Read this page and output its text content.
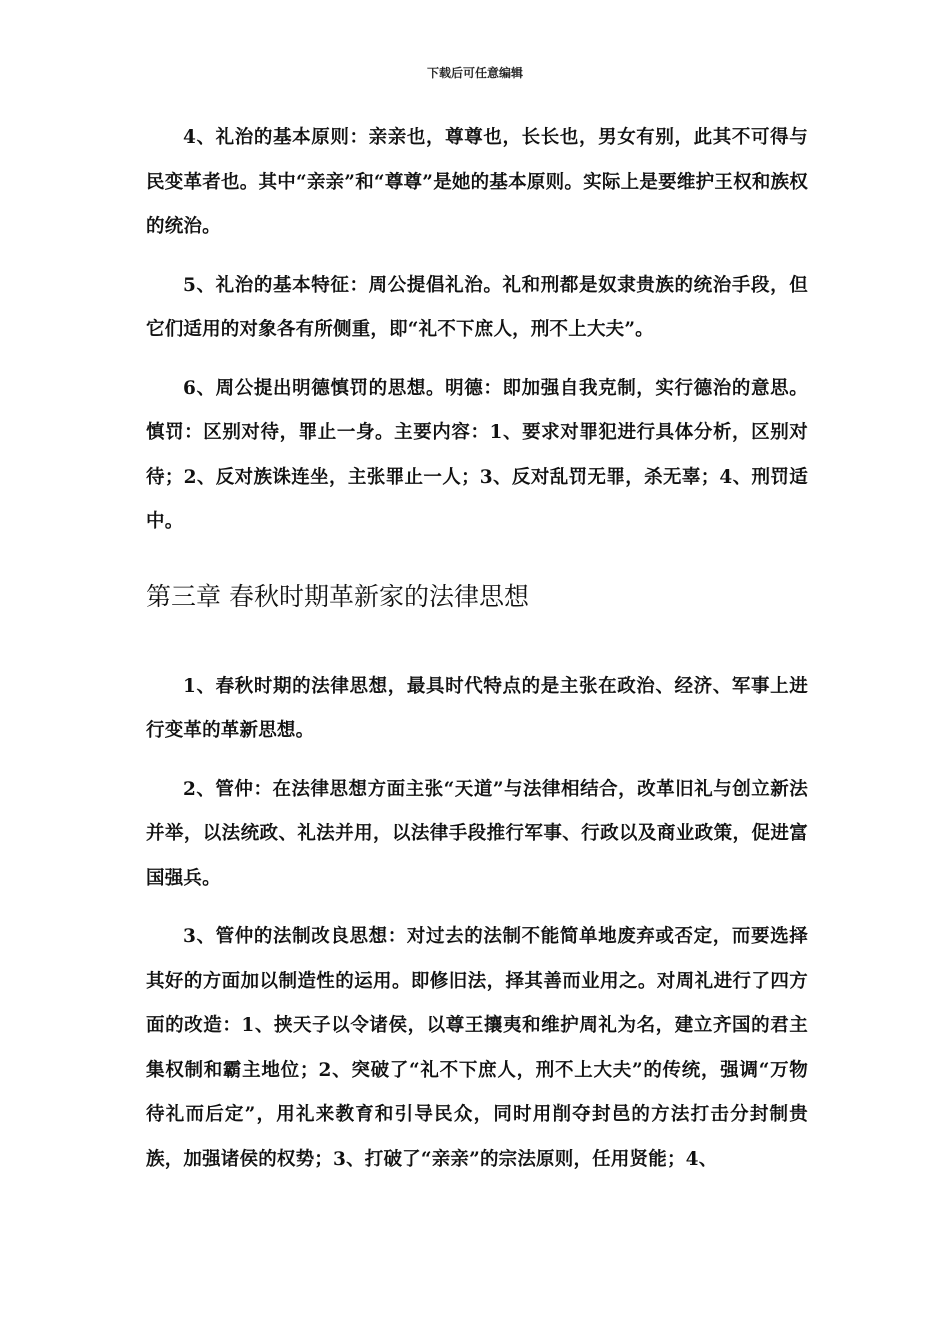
下载后可任意编辑

4、礼治的基本原则：亲亲也，尊尊也，长长也，男女有别，此其不可得与民变革者也。其中“亲亲”和“尊尊”是她的基本原则。实际上是要维护王权和族权的统治。

5、礼治的基本特征：周公提倡礼治。礼和刑都是奴隶贵族的统治手段，但它们适用的对象各有所侧重，即“礼不下庶人，刑不上大夫”。

6、周公提出明德慎罚的思想。明德：即加强自我克制，实行德治的意思。慎罚：区别对待，罪止一身。主要内容：1、要求对罪犯进行具体分析，区别对待；2、反对族诛连坐，主张罪止一人；3、反对乱罚无罪，杀无辜；4、刑罚适中。

第三章 春秋时期革新家的法律思想

1、春秋时期的法律思想，最具时代特点的是主张在政治、经济、军事上进行变革的革新思想。

2、管仲：在法律思想方面主张“天道”与法律相结合，改革旧礼与创立新法并举，以法统政、礼法并用，以法律手段推行军事、行政以及商业政策，促进富国强兵。

3、管仲的法制改良思想：对过去的法制不能简单地废弃或否定，而要选择其好的方面加以制造性的运用。即修旧法，择其善而业用之。对周礼进行了四方面的改造：1、挟天子以令诸侯，以尊王攘夷和维护周礼为名，建立齐国的君主集权制和霸主地位；2、突破了“礼不下庶人，刑不上大夫”的传统，强调“万物待礼而后定”，用礼来教育和引导民众，同时用削夺封邑的方法打击分封制贵族，加强诸侯的权势；3、打破了“亲亲”的宗法原则，任用贤能；4、
